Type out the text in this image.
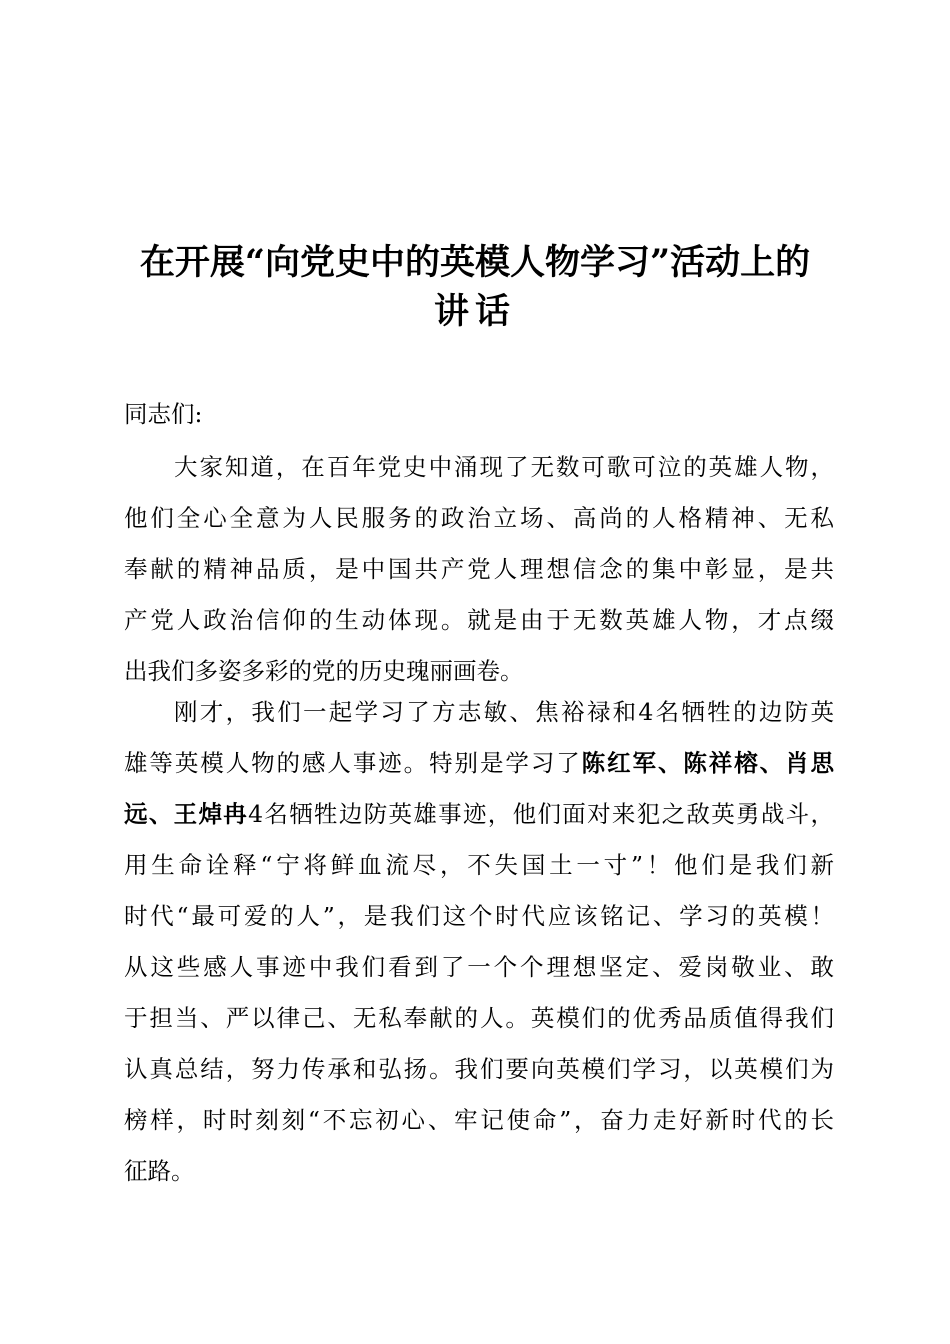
在开展“向党史中的英模人物学习”活动上的
讲话

同志们:

大家知道，在百年党史中涌现了无数可歌可泣的英雄人物，
他们全心全意为人民服务的政治立场、高尚的人格精神、无私
奉献的精神品质，是中国共产党人理想信念的集中彰显，是共
产党人政治信仰的生动体现。就是由于无数英雄人物，才点缀
出我们多姿多彩的党的历史瑰丽画卷。

刚才，我们一起学习了方志敏、焦裕禄和4名牺牲的边防英
雄等英模人物的感人事迹。特别是学习了陈红军、陈祥榕、肖思
远、王焯冉4名牺牲边防英雄事迹，他们面对来犯之敌英勇战斗，
用生命诠释“宁将鲜血流尽，不失国土一寸”！他们是我们新
时代“最可爱的人”，是我们这个时代应该铭记、学习的英模！
从这些感人事迹中我们看到了一个个理想坚定、爱岗敬业、敢
于担当、严以律己、无私奉献的人。英模们的优秀品质值得我们
认真总结，努力传承和弘扬。我们要向英模们学习，以英模们为
榜样，时时刻刻“不忘初心、牢记使命”，奋力走好新时代的长
征路。
